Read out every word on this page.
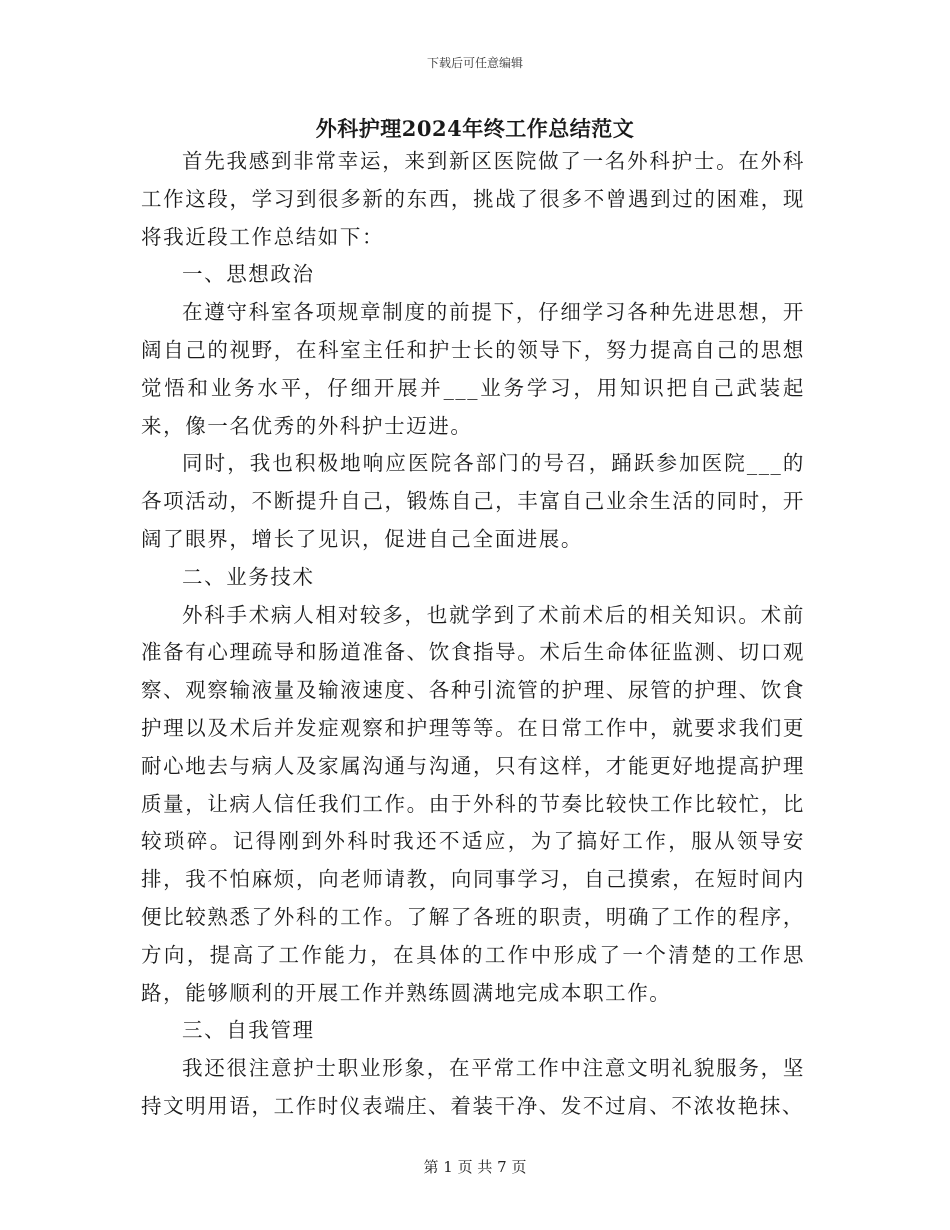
下载后可任意编辑
外科护理2024年终工作总结范文

首先我感到非常幸运，来到新区医院做了一名外科护士。在外科工作这段，学习到很多新的东西，挑战了很多不曾遇到过的困难，现将我近段工作总结如下：

一、思想政治

在遵守科室各项规章制度的前提下，仔细学习各种先进思想，开阔自己的视野，在科室主任和护士长的领导下，努力提高自己的思想觉悟和业务水平，仔细开展并___业务学习，用知识把自己武装起来，像一名优秀的外科护士迈进。

同时，我也积极地响应医院各部门的号召，踊跃参加医院___的各项活动，不断提升自己，锻炼自己，丰富自己业余生活的同时，开阔了眼界，增长了见识，促进自己全面进展。

二、业务技术

外科手术病人相对较多，也就学到了术前术后的相关知识。术前准备有心理疏导和肠道准备、饮食指导。术后生命体征监测、切口观察、观察输液量及输液速度、各种引流管的护理、尿管的护理、饮食护理以及术后并发症观察和护理等等。在日常工作中，就要求我们更耐心地去与病人及家属沟通与沟通，只有这样，才能更好地提高护理质量，让病人信任我们工作。由于外科的节奏比较快工作比较忙，比较琐碎。记得刚到外科时我还不适应，为了搞好工作，服从领导安排，我不怕麻烦，向老师请教，向同事学习，自己摸索，在短时间内便比较熟悉了外科的工作。了解了各班的职责，明确了工作的程序，方向，提高了工作能力，在具体的工作中形成了一个清楚的工作思路，能够顺利的开展工作并熟练圆满地完成本职工作。

三、自我管理

我还很注意护士职业形象，在平常工作中注意文明礼貌服务，坚持文明用语，工作时仪表端庄、着装干净、发不过肩、不浓妆艳抹、

第 1 页 共 7 页
